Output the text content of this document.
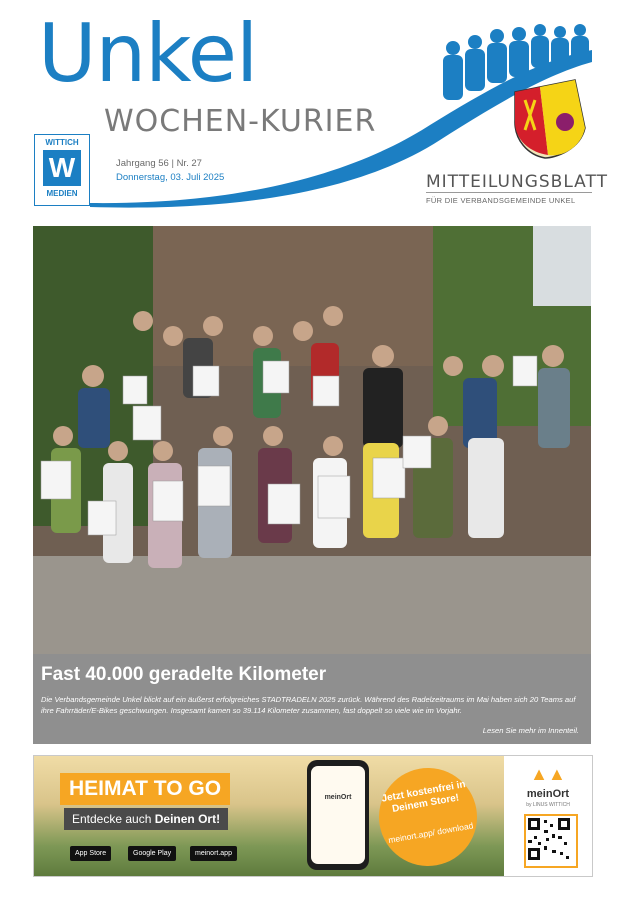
Unkel
WOCHEN-KURIER
Jahrgang 56 | Nr. 27
Donnerstag, 03. Juli 2025
WITTICH
W
MEDIEN
MITTEILUNGSBLATT
FÜR DIE VERBANDSGEMEINDE UNKEL
Fast 40.000 geradelte Kilometer
Die Verbandsgemeinde Unkel blickt auf ein äußerst erfolgreiches STADTRADELN 2025 zurück. Während des Radelzeitraums im Mai haben sich 20 Teams auf ihre Fahrräder/E-Bikes geschwungen. Insgesamt kamen so 39.114 Kilometer zusammen, fast doppelt so viele wie im Vorjahr.
Lesen Sie mehr im Innenteil.
HEIMAT TO GO
Entdecke auch Deinen Ort!
App Store	Google Play	meinort.app
meinOrt	Jetzt kostenfrei in Deinem Store!
meinort.app/ download
▲▲
meinOrt
by LINUS WITTICH
